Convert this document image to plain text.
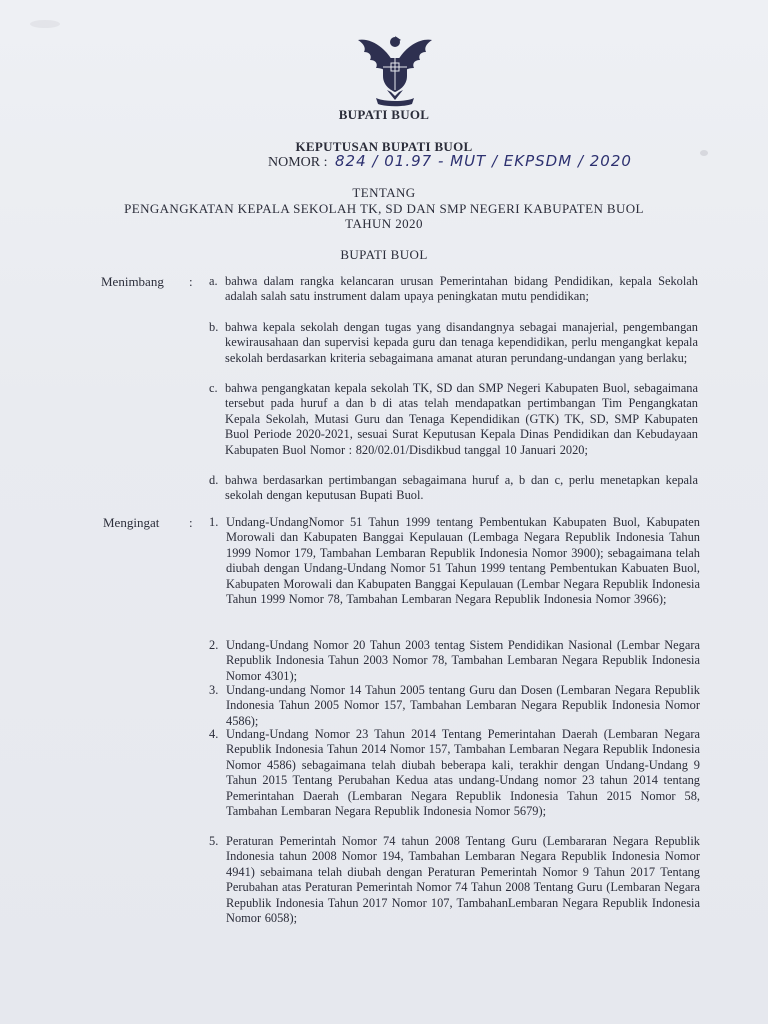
BUPATI BUOL
KEPUTUSAN BUPATI BUOL
NOMOR : 824 / 01.97 - MUT / EKPSDM / 2020
TENTANG
PENGANGKATAN KEPALA SEKOLAH TK, SD DAN SMP NEGERI KABUPATEN BUOL
TAHUN 2020
BUPATI BUOL
Menimbang : a. bahwa dalam rangka kelancaran urusan Pemerintahan bidang Pendidikan, kepala Sekolah adalah salah satu instrument dalam upaya peningkatan mutu pendidikan;
b. bahwa kepala sekolah dengan tugas yang disandangnya sebagai manajerial, pengembangan kewirausahaan dan supervisi kepada guru dan tenaga kependidikan, perlu mengangkat kepala sekolah berdasarkan kriteria sebagaimana amanat aturan perundang-undangan yang berlaku;
c. bahwa pengangkatan kepala sekolah TK, SD dan SMP Negeri Kabupaten Buol, sebagaimana tersebut pada huruf a dan b di atas telah mendapatkan pertimbangan Tim Pengangkatan Kepala Sekolah, Mutasi Guru dan Tenaga Kependidikan (GTK) TK, SD, SMP Kabupaten Buol Periode 2020-2021, sesuai Surat Keputusan Kepala Dinas Pendidikan dan Kebudayaan Kabupaten Buol Nomor : 820/02.01/Disdikbud tanggal 10 Januari 2020;
d. bahwa berdasarkan pertimbangan sebagaimana huruf a, b dan c, perlu menetapkan kepala sekolah dengan keputusan Bupati Buol.
Mengingat : 1. Undang-UndangNomor 51 Tahun 1999 tentang Pembentukan Kabupaten Buol, Kabupaten Morowali dan Kabupaten Banggai Kepulauan (Lembaga Negara Republik Indonesia Tahun 1999 Nomor 179, Tambahan Lembaran Republik Indonesia Nomor 3900); sebagaimana telah diubah dengan Undang-Undang Nomor 51 Tahun 1999 tentang Pembentukan Kabuaten Buol, Kabupaten Morowali dan Kabupaten Banggai Kepulauan (Lembar Negara Republik Indonesia Tahun 1999 Nomor 78, Tambahan Lembaran Negara Republik Indonesia Nomor 3966);
2. Undang-Undang Nomor 20 Tahun 2003 tentag Sistem Pendidikan Nasional (Lembar Negara Republik Indonesia Tahun 2003 Nomor 78, Tambahan Lembaran Negara Republik Indonesia Nomor 4301);
3. Undang-undang Nomor 14 Tahun 2005 tentang Guru dan Dosen (Lembaran Negara Republik Indonesia Tahun 2005 Nomor 157, Tambahan Lembaran Negara Republik Indonesia Nomor 4586);
4. Undang-Undang Nomor 23 Tahun 2014 Tentang Pemerintahan Daerah (Lembaran Negara Republik Indonesia Tahun 2014 Nomor 157, Tambahan Lembaran Negara Republik Indonesia Nomor 4586) sebagaimana telah diubah beberapa kali, terakhir dengan Undang-Undang 9 Tahun 2015 Tentang Perubahan Kedua atas undang-Undang nomor 23 tahun 2014 tentang Pemerintahan Daerah (Lembaran Negara Republik Indonesia Tahun 2015 Nomor 58, Tambahan Lembaran Negara Republik Indonesia Nomor 5679);
5. Peraturan Pemerintah Nomor 74 tahun 2008 Tentang Guru (Lembararan Negara Republik Indonesia tahun 2008 Nomor 194, Tambahan Lembaran Negara Republik Indonesia Nomor 4941) sebaimana telah diubah dengan Peraturan Pemerintah Nomor 9 Tahun 2017 Tentang Perubahan atas Peraturan Pemerintah Nomor 74 Tahun 2008 Tentang Guru (Lembaran Negara Republik Indonesia Tahun 2017 Nomor 107, TambahanLembaran Negara Republik Indonesia Nomor 6058);
